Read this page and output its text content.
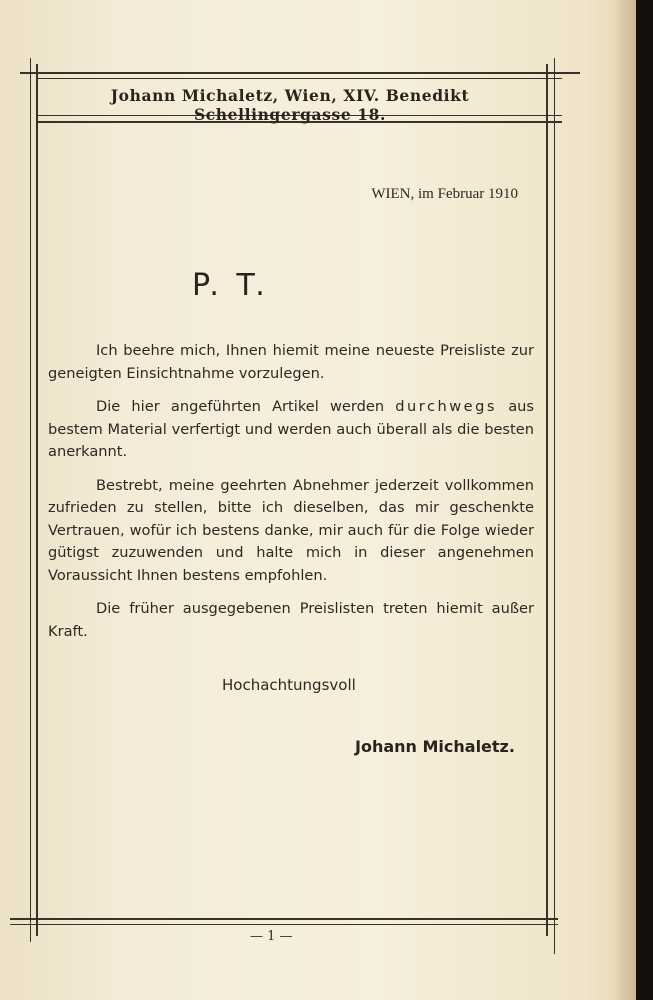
Johann Michaletz, Wien, XIV. Benedikt Schellingergasse 18.
WIEN, im Februar 1910
P. T.

Ich beehre mich, Ihnen hiemit meine neueste Preisliste zur geneigten Einsichtnahme vorzulegen.

Die hier angeführten Artikel werden durchwegs aus bestem Material verfertigt und werden auch überall als die besten anerkannt.

Bestrebt, meine geehrten Abnehmer jederzeit vollkommen zufrieden zu stellen, bitte ich dieselben, das mir geschenkte Vertrauen, wofür ich bestens danke, mir auch für die Folge wieder gütigst zuzuwenden und halte mich in dieser angenehmen Voraussicht Ihnen bestens empfohlen.

Die früher ausgegebenen Preislisten treten hiemit außer Kraft.

Hochachtungsvoll
Johann Michaletz.
— 1 —
